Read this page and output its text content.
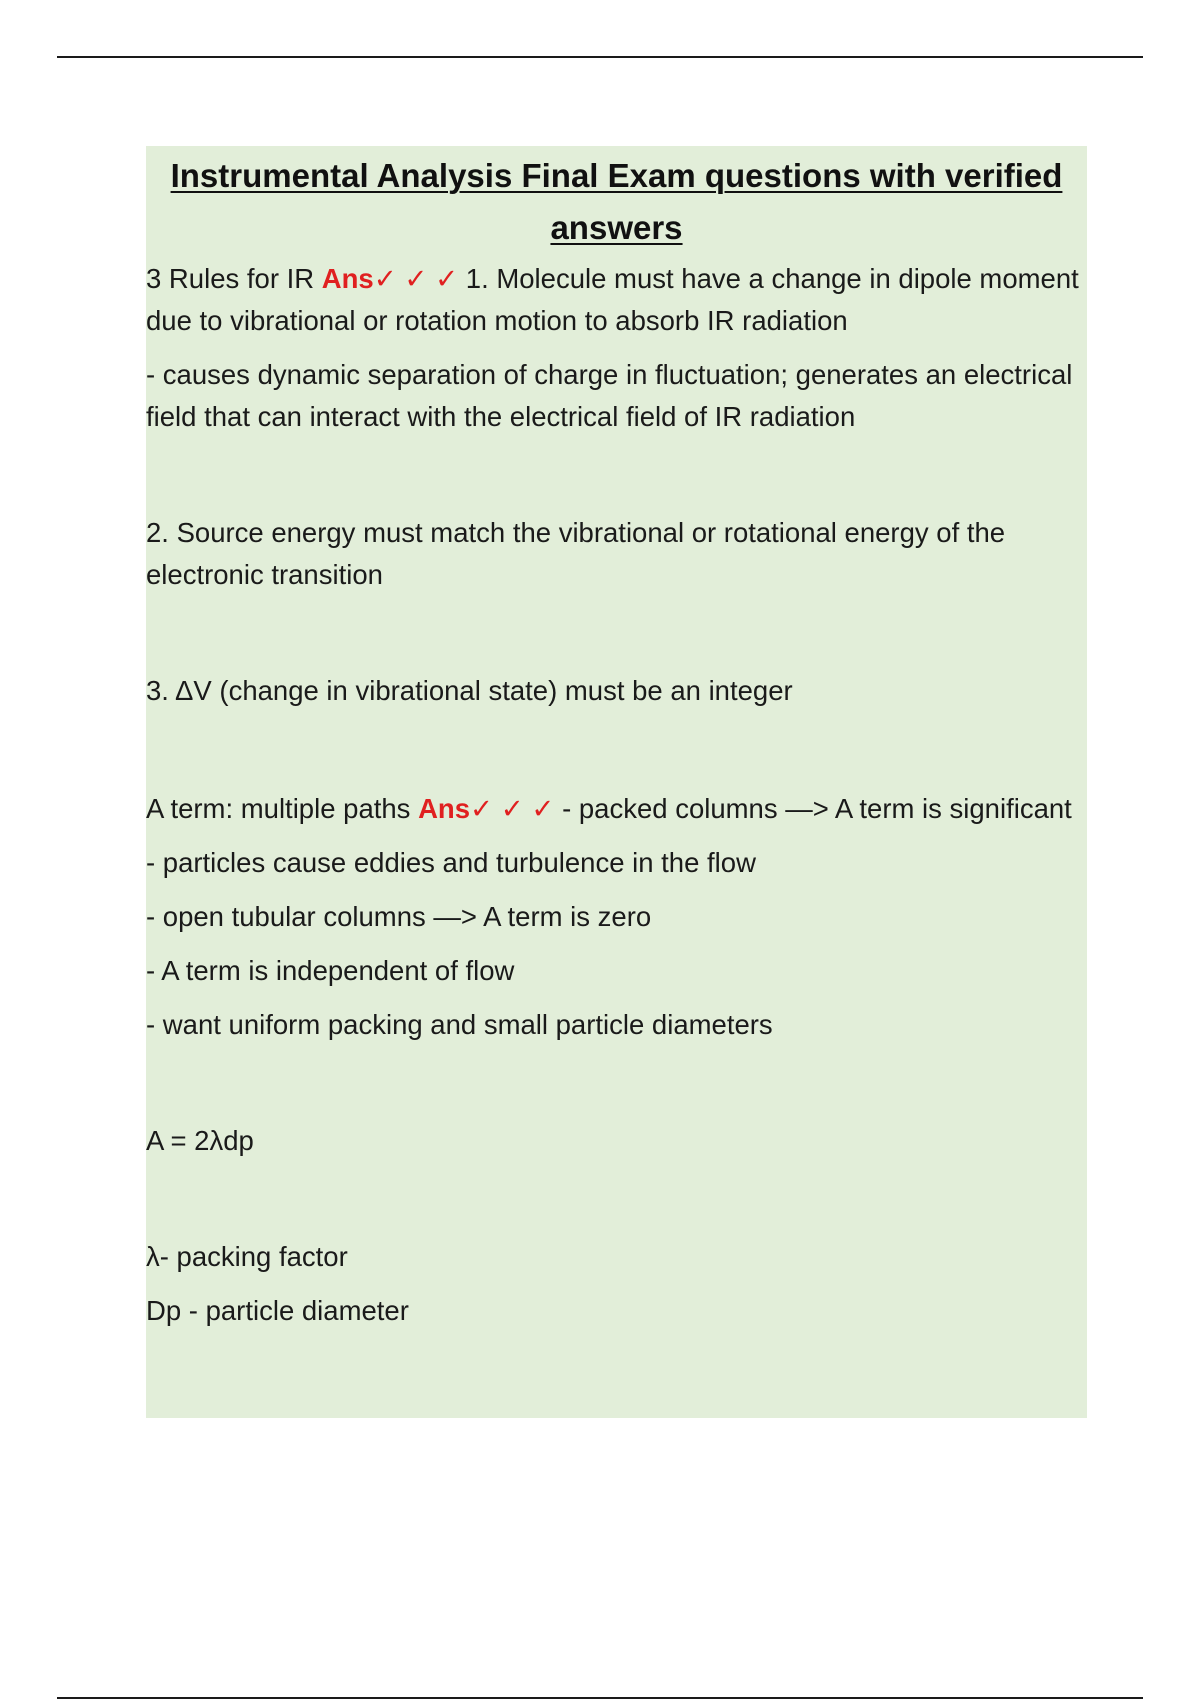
Instrumental Analysis Final Exam questions with verified answers

3 Rules for IR Ans✓ ✓ ✓ 1. Molecule must have a change in dipole moment due to vibrational or rotation motion to absorb IR radiation

- causes dynamic separation of charge in fluctuation; generates an electrical field that can interact with the electrical field of IR radiation

2. Source energy must match the vibrational or rotational energy of the electronic transition

3. ΔV (change in vibrational state) must be an integer

A term: multiple paths Ans✓ ✓ ✓ - packed columns —> A term is significant

- particles cause eddies and turbulence in the flow

- open tubular columns —> A term is zero

- A term is independent of flow

- want uniform packing and small particle diameters

A = 2λdp

λ- packing factor

Dp - particle diameter
